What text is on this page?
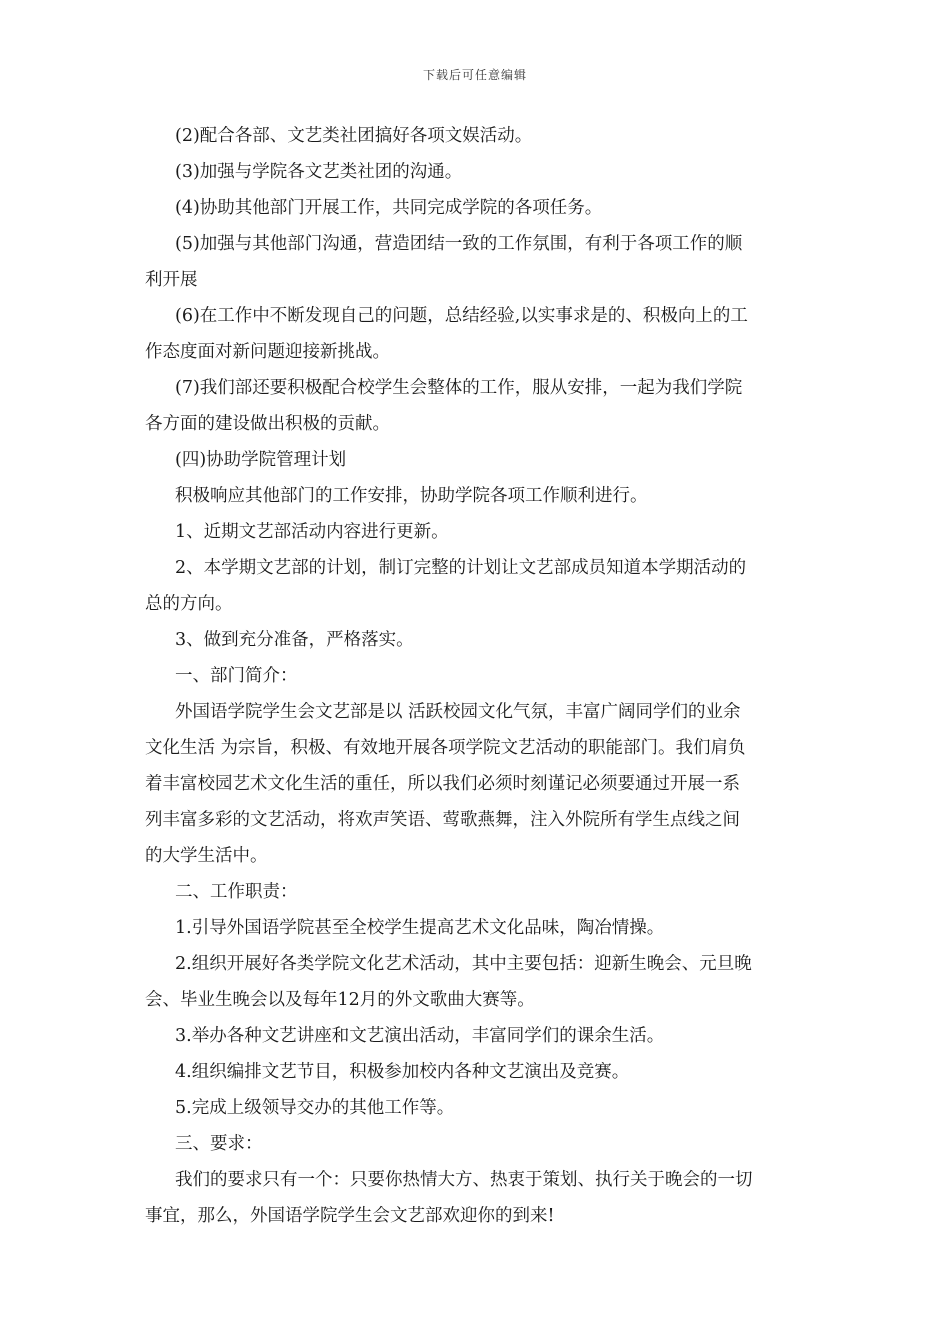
下载后可任意编辑

(2)配合各部、文艺类社团搞好各项文娱活动。

(3)加强与学院各文艺类社团的沟通。

(4)协助其他部门开展工作，共同完成学院的各项任务。

(5)加强与其他部门沟通，营造团结一致的工作氛围，有利于各项工作的顺

利开展

(6)在工作中不断发现自己的问题，总结经验,以实事求是的、积极向上的工

作态度面对新问题迎接新挑战。

(7)我们部还要积极配合校学生会整体的工作，服从安排，一起为我们学院

各方面的建设做出积极的贡献。

(四)协助学院管理计划

积极响应其他部门的工作安排，协助学院各项工作顺利进行。

1、近期文艺部活动内容进行更新。

2、本学期文艺部的计划，制订完整的计划让文艺部成员知道本学期活动的

总的方向。

3、做到充分准备，严格落实。

一、部门简介：

外国语学院学生会文艺部是以 活跃校园文化气氛，丰富广阔同学们的业余

文化生活 为宗旨，积极、有效地开展各项学院文艺活动的职能部门。我们肩负

着丰富校园艺术文化生活的重任，所以我们必须时刻谨记必须要通过开展一系

列丰富多彩的文艺活动，将欢声笑语、莺歌燕舞，注入外院所有学生点线之间

的大学生活中。

二、工作职责：

1.引导外国语学院甚至全校学生提高艺术文化品味，陶冶情操。

2.组织开展好各类学院文化艺术活动，其中主要包括：迎新生晚会、元旦晚

会、毕业生晚会以及每年12月的外文歌曲大赛等。

3.举办各种文艺讲座和文艺演出活动，丰富同学们的课余生活。

4.组织编排文艺节目，积极参加校内各种文艺演出及竞赛。

5.完成上级领导交办的其他工作等。

三、要求：

我们的要求只有一个：只要你热情大方、热衷于策划、执行关于晚会的一切

事宜，那么，外国语学院学生会文艺部欢迎你的到来!
